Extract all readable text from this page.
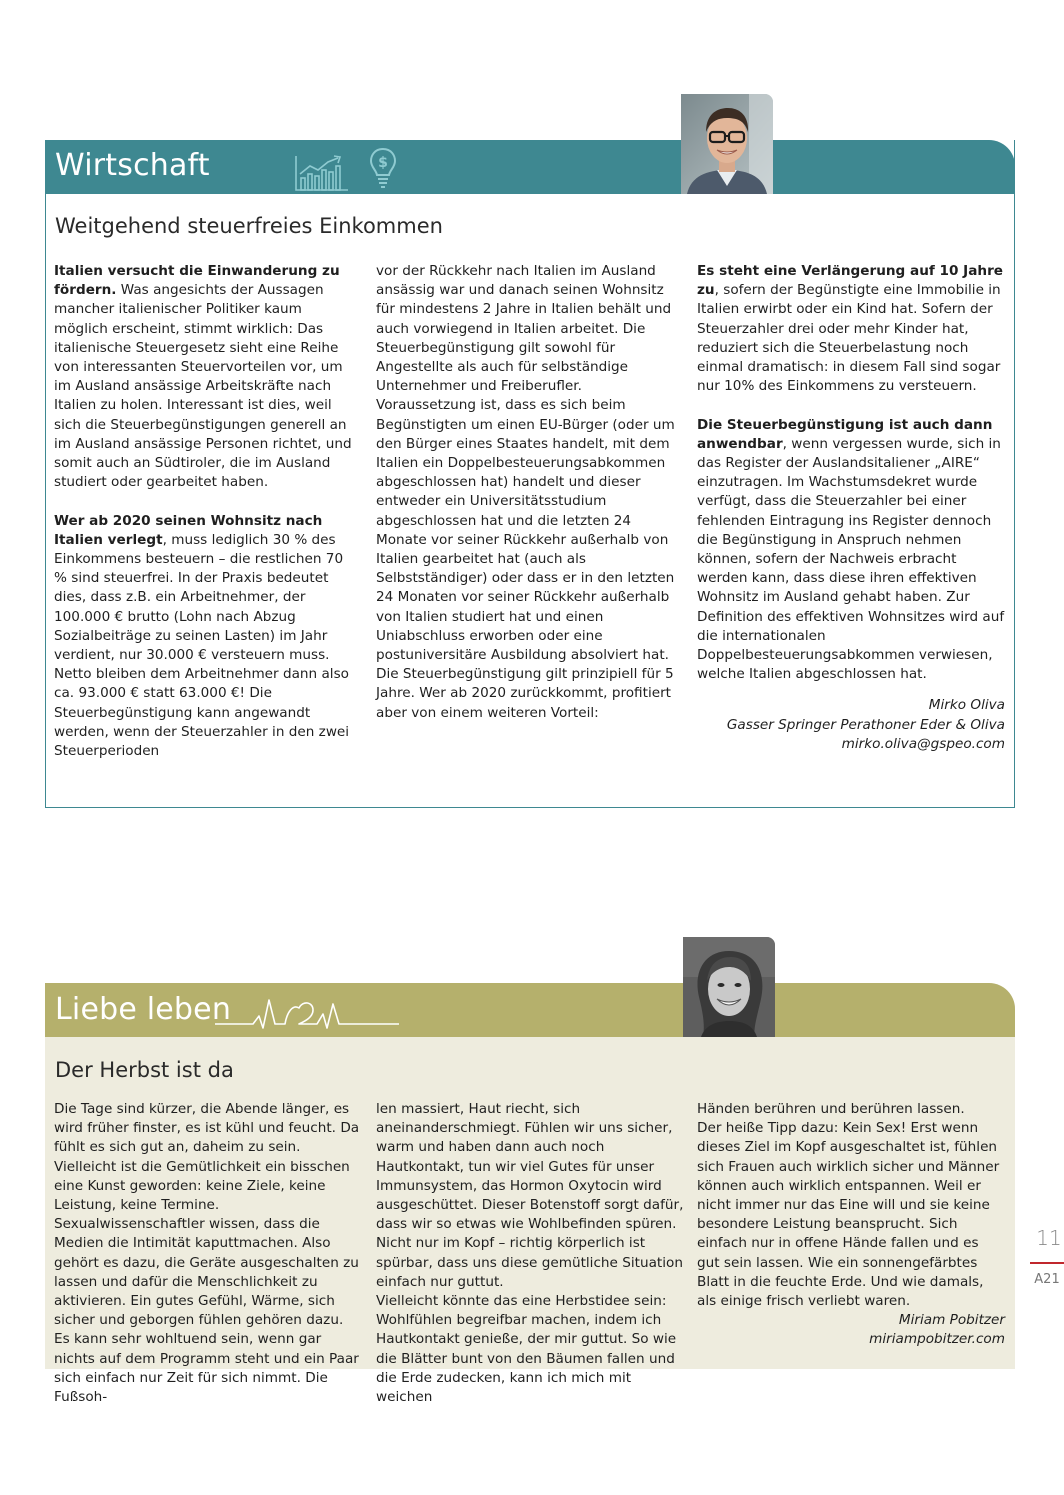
Wirtschaft	$
Weitgehend steuerfreies Einkommen

Italien versucht die Einwanderung zu fördern. Was angesichts der Aussagen mancher italienischer Politiker kaum möglich erscheint, stimmt wirklich: Das italienische Steuergesetz sieht eine Reihe von interessanten Steuervorteilen vor, um im Ausland ansässige Arbeitskräfte nach Italien zu holen. Interessant ist dies, weil sich die Steuerbegünstigungen generell an im Ausland ansässige Personen richtet, und somit auch an Südtiroler, die im Ausland studiert oder gearbeitet haben.

Wer ab 2020 seinen Wohnsitz nach Italien verlegt, muss lediglich 30 % des Einkommens besteuern – die restlichen 70 % sind steuerfrei. In der Praxis bedeutet dies, dass z.B. ein Arbeitnehmer, der 100.000 € brutto (Lohn nach Abzug Sozialbeiträge zu seinen Lasten) im Jahr verdient, nur 30.000 € versteuern muss. Netto bleiben dem Arbeitnehmer dann also ca. 93.000 € statt 63.000 €! Die Steuerbegünstigung kann angewandt werden, wenn der Steuerzahler in den zwei Steuerperioden

vor der Rückkehr nach Italien im Ausland ansässig war und danach seinen Wohnsitz für mindestens 2 Jahre in Italien behält und auch vorwiegend in Italien arbeitet. Die Steuerbegünstigung gilt sowohl für Angestellte als auch für selbständige Unternehmer und Freiberufler. Voraussetzung ist, dass es sich beim Begünstigten um einen EU-Bürger (oder um den Bürger eines Staates handelt, mit dem Italien ein Doppelbesteuerungsabkommen abgeschlossen hat) handelt und dieser entweder ein Universitätsstudium abgeschlossen hat und die letzten 24 Monate vor seiner Rückkehr außerhalb von Italien gearbeitet hat (auch als Selbstständiger) oder dass er in den letzten 24 Monaten vor seiner Rückkehr außerhalb von Italien studiert hat und einen Uniabschluss erworben oder eine postuniversitäre Ausbildung absolviert hat. Die Steuerbegünstigung gilt prinzipiell für 5 Jahre. Wer ab 2020 zurückkommt, profitiert aber von einem weiteren Vorteil:

Es steht eine Verlängerung auf 10 Jahre zu, sofern der Begünstigte eine Immobilie in Italien erwirbt oder ein Kind hat. Sofern der Steuerzahler drei oder mehr Kinder hat, reduziert sich die Steuerbelastung noch einmal dramatisch: in diesem Fall sind sogar nur 10% des Einkommens zu versteuern.

Die Steuerbegünstigung ist auch dann anwendbar, wenn vergessen wurde, sich in das Register der Auslandsitaliener „AIRE“ einzutragen. Im Wachstumsdekret wurde verfügt, dass die Steuerzahler bei einer fehlenden Eintragung ins Register dennoch die Begünstigung in Anspruch nehmen können, sofern der Nachweis erbracht werden kann, dass diese ihren effektiven Wohnsitz im Ausland gehabt haben. Zur Definition des effektiven Wohnsitzes wird auf die internationalen Doppelbesteuerungsabkommen verwiesen, welche Italien abgeschlossen hat.

Mirko Oliva

Gasser Springer Perathoner Eder & Oliva

mirko.oliva@gspeo.com

Liebe leben
Der Herbst ist da

Die Tage sind kürzer, die Abende länger, es wird früher finster, es ist kühl und feucht. Da fühlt es sich gut an, daheim zu sein. Vielleicht ist die Gemütlichkeit ein bisschen eine Kunst geworden: keine Ziele, keine Leistung, keine Termine. Sexualwissenschaftler wissen, dass die Medien die Intimität kaputtmachen. Also gehört es dazu, die Geräte ausgeschalten zu lassen und dafür die Menschlichkeit zu aktivieren. Ein gutes Gefühl, Wärme, sich sicher und geborgen fühlen gehören dazu.

Es kann sehr wohltuend sein, wenn gar nichts auf dem Programm steht und ein Paar sich einfach nur Zeit für sich nimmt. Die Fußsoh-

len massiert, Haut riecht, sich aneinanderschmiegt. Fühlen wir uns sicher, warm und haben dann auch noch Hautkontakt, tun wir viel Gutes für unser Immunsystem, das Hormon Oxytocin wird ausgeschüttet. Dieser Botenstoff sorgt dafür, dass wir so etwas wie Wohlbefinden spüren. Nicht nur im Kopf – richtig körperlich ist spürbar, dass uns diese gemütliche Situation einfach nur guttut.

Vielleicht könnte das eine Herbstidee sein: Wohlfühlen begreifbar machen, indem ich Hautkontakt genieße, der mir guttut. So wie die Blätter bunt von den Bäumen fallen und die Erde zudecken, kann ich mich mit weichen

Händen berühren und berühren lassen.

Der heiße Tipp dazu: Kein Sex! Erst wenn dieses Ziel im Kopf ausgeschaltet ist, fühlen sich Frauen auch wirklich sicher und Männer können auch wirklich entspannen. Weil er nicht immer nur das Eine will und sie keine besondere Leistung beansprucht. Sich einfach nur in offene Hände fallen und es gut sein lassen. Wie ein sonnengefärbtes Blatt in die feuchte Erde. Und wie damals, als einige frisch verliebt waren.

Miriam Pobitzer

miriampobitzer.com

11
A21
